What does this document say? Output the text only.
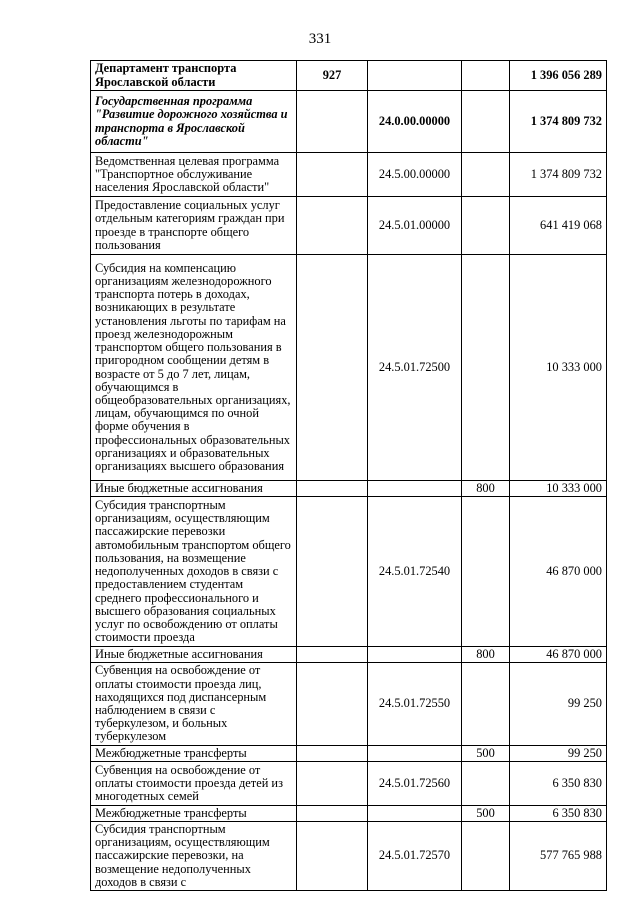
331
Департамент транспорта Ярославской области	927			1 396 056 289
Государственная программа "Развитие дорожного хозяйства и транспорта в Ярославской области"		24.0.00.00000		1 374 809 732
Ведомственная целевая программа "Транспортное обслуживание населения Ярославской области"		24.5.00.00000		1 374 809 732
Предоставление социальных услуг отдельным категориям граждан при проезде в транспорте общего пользования		24.5.01.00000		641 419 068
Субсидия на компенсацию организациям железнодорожного транспорта потерь в доходах, возникающих в результате установления льготы по тарифам на проезд железнодорожным транспортом общего пользования в пригородном сообщении детям в возрасте от 5 до 7 лет, лицам, обучающимся в общеобразовательных организациях, лицам, обучающимся по очной форме обучения в профессиональных образовательных организациях и образовательных организациях высшего образования		24.5.01.72500		10 333 000
Иные бюджетные ассигнования			800	10 333 000
Субсидия транспортным организациям, осуществляющим пассажирские перевозки автомобильным транспортом общего пользования, на возмещение недополученных доходов в связи с предоставлением студентам среднего профессионального и высшего образования социальных услуг по освобождению от оплаты стоимости проезда		24.5.01.72540		46 870 000
Иные бюджетные ассигнования			800	46 870 000
Субвенция на освобождение от оплаты стоимости проезда лиц, находящихся под диспансерным наблюдением в связи с туберкулезом, и больных туберкулезом		24.5.01.72550		99 250
Межбюджетные трансферты			500	99 250
Субвенция на освобождение от оплаты стоимости проезда детей из многодетных семей		24.5.01.72560		6 350 830
Межбюджетные трансферты			500	6 350 830
Субсидия транспортным организациям, осуществляющим пассажирские перевозки, на возмещение недополученных доходов в связи с		24.5.01.72570		577 765 988
